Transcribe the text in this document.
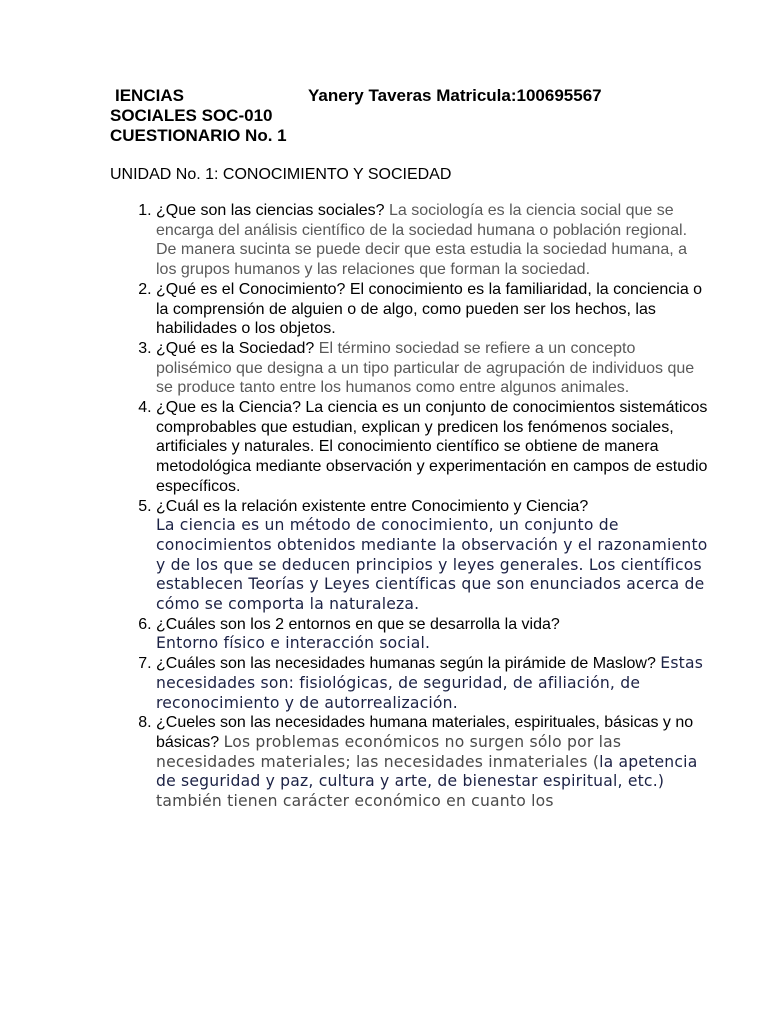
IENCIAS	Yanery Taveras Matricula:100695567
SOCIALES SOC-010
CUESTIONARIO No. 1
UNIDAD No. 1: CONOCIMIENTO Y SOCIEDAD
1. ¿Que son las ciencias sociales? La sociología es la ciencia social que se encarga del análisis científico de la sociedad humana o población regional. De manera sucinta se puede decir que esta estudia la sociedad humana, a los grupos humanos y las relaciones que forman la sociedad.
2. ¿Qué es el Conocimiento? El conocimiento es la familiaridad, la conciencia o la comprensión de alguien o de algo, como pueden ser los hechos, las habilidades o los objetos.
3. ¿Qué es la Sociedad? El término sociedad se refiere a un concepto polisémico que designa a un tipo particular de agrupación de individuos que se produce tanto entre los humanos como entre algunos animales.
4. ¿Que es la Ciencia? La ciencia es un conjunto de conocimientos sistemáticos comprobables que estudian, explican y predicen los fenómenos sociales, artificiales y naturales. El conocimiento científico se obtiene de manera metodológica mediante observación y experimentación en campos de estudio específicos.
5. ¿Cuál es la relación existente entre Conocimiento y Ciencia?
La ciencia es un método de conocimiento, un conjunto de conocimientos obtenidos mediante la observación y el razonamiento y de los que se deducen principios y leyes generales. Los científicos establecen Teorías y Leyes científicas que son enunciados acerca de cómo se comporta la naturaleza.
6. ¿Cuáles son los 2 entornos en que se desarrolla la vida?
Entorno físico e interacción social.
7. ¿Cuáles son las necesidades humanas según la pirámide de Maslow? Estas necesidades son: fisiológicas, de seguridad, de afiliación, de reconocimiento y de autorrealización.
8. ¿Cueles son las necesidades humana materiales, espirituales, básicas y no básicas? Los problemas económicos no surgen sólo por las necesidades materiales; las necesidades inmateriales (la apetencia de seguridad y paz, cultura y arte, de bienestar espiritual, etc.) también tienen carácter económico en cuanto los
